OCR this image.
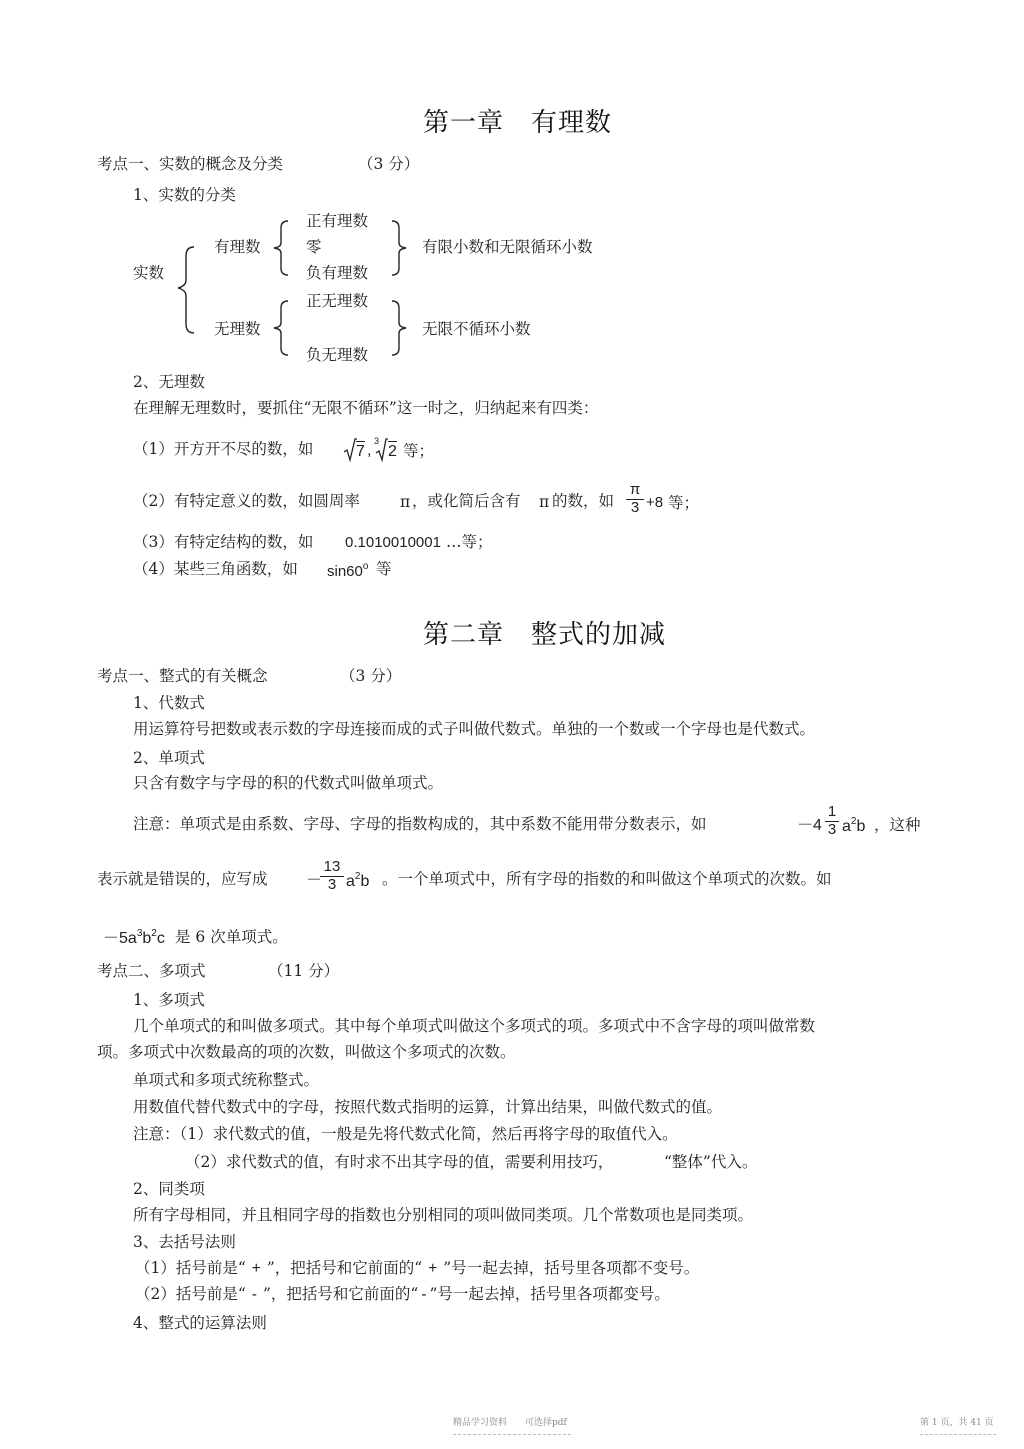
第一章　有理数
考点一、实数的概念及分类	（3 分）
1、实数的分类
实数
有理数
无理数
正有理数
零
负有理数
正无理数
负无理数
有限小数和无限循环小数
无限不循环小数
2、无理数
在理解无理数时，要抓住“无限不循环”这一时之，归纳起来有四类：
（1）开方开不尽的数，如	7 ,
3
2 等；
（2）有特定意义的数，如圆周率	π ，或化简后含有 π 的数，如 $\frac{\pi}{3} +8$ 等；
（3）有特定结构的数，如 0.1010010001 …等；
（4）某些三角函数，如 sin60$^o$ 等
第二章　整式的加减
考点一、整式的有关概念	（3 分）
1、代数式
用运算符号把数或表示数的字母连接而成的式子叫做代数式。单独的一个数或一个字母也是代数式。
2、单项式
只含有数字与字母的积的代数式叫做单项式。
注意：单项式是由系数、字母、字母的指数构成的，其中系数不能用带分数表示，如	$-4 \frac{1}{3} a^2b$ ，这种
表示就是错误的，应写成 －
$\frac{13}{3} a^2b$ 。一个单项式中，所有字母的指数的和叫做这个单项式的次数。如
$-5a^3b^2c$ 是 6 次单项式。
考点二、多项式	（11 分）
1、多项式
几个单项式的和叫做多项式。其中每个单项式叫做这个多项式的项。多项式中不含字母的项叫做常数
项。多项式中次数最高的项的次数，叫做这个多项式的次数。
单项式和多项式统称整式。
用数值代替代数式中的字母，按照代数式指明的运算，计算出结果，叫做代数式的值。
注意：（1）求代数式的值，一般是先将代数式化简，然后再将字母的取值代入。
（2）求代数式的值，有时求不出其字母的值，需要利用技巧，	“整体”代入。
2、同类项
所有字母相同，并且相同字母的指数也分别相同的项叫做同类项。几个常数项也是同类项。
3、去括号法则
（1）括号前是“ + ”，把括号和它前面的“ + ”号一起去掉，括号里各项都不变号。
（2）括号前是“ - ”，把括号和它前面的“ - ”号一起去掉，括号里各项都变号。
4、整式的运算法则
精品学习资料　　可选择pdf	第 1 页，共 41 页
